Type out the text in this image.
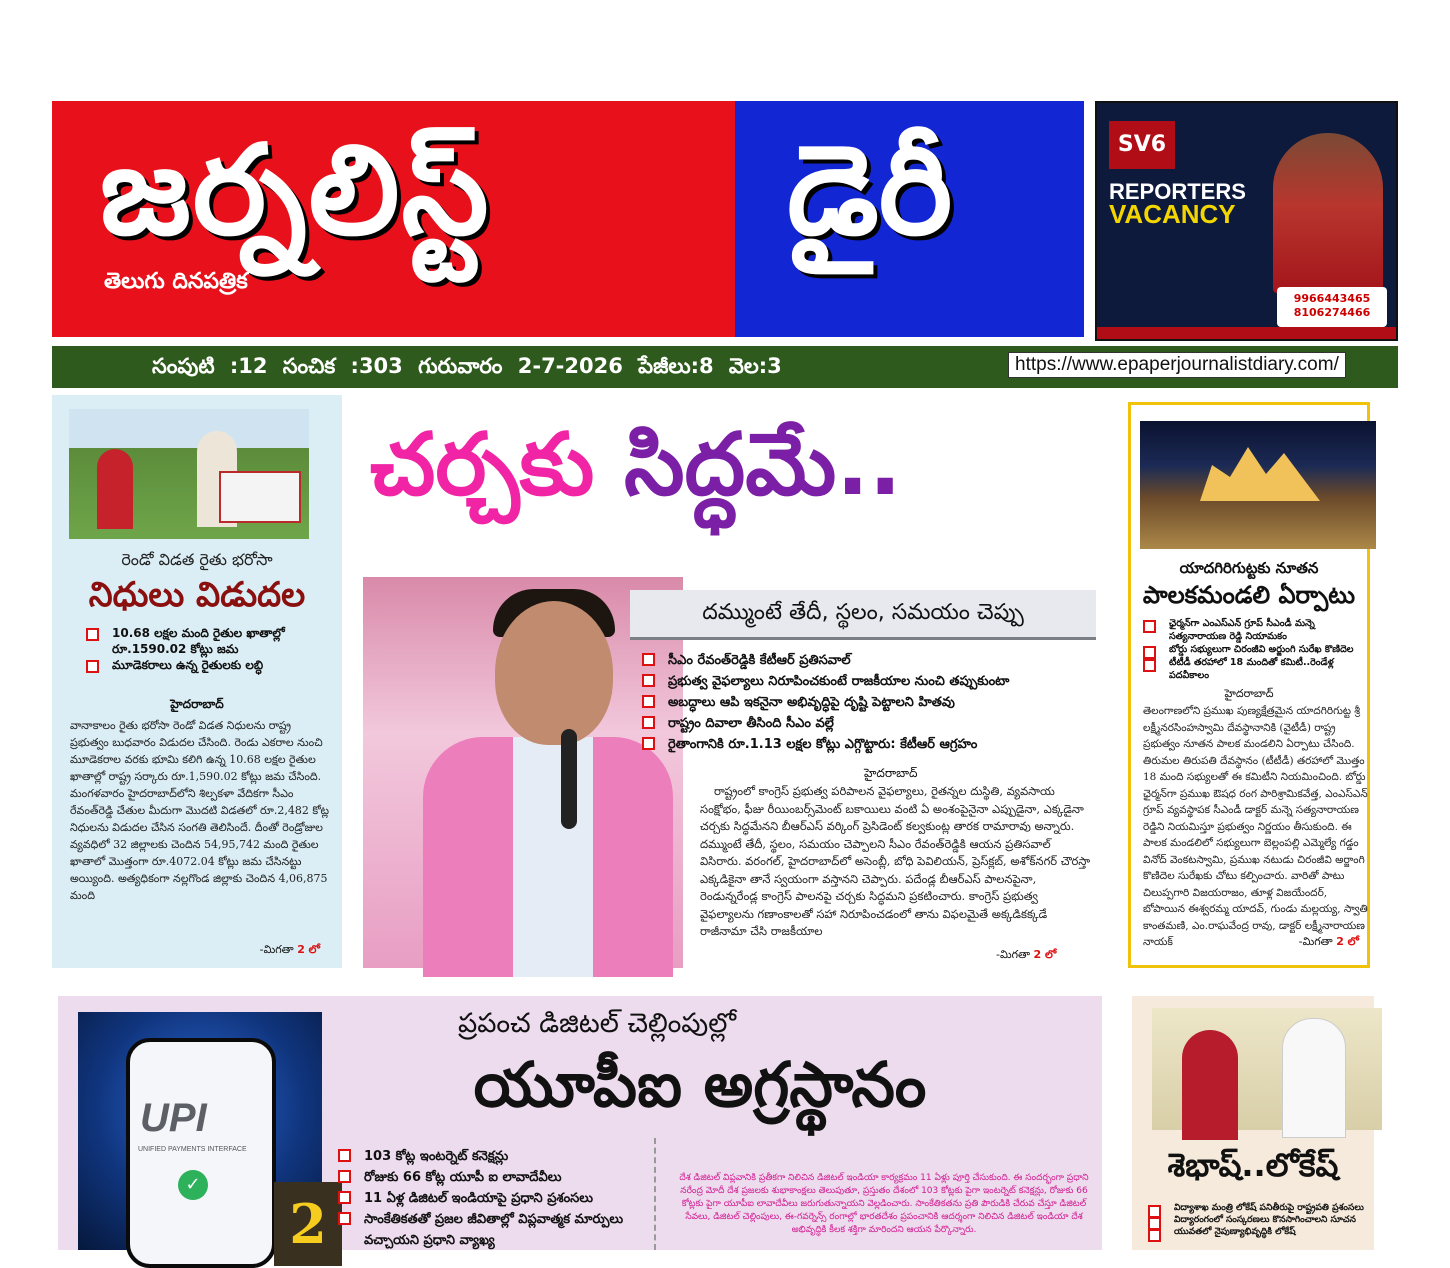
జర్నలిస్ట్ డైరీ
తెలుగు దినపత్రిక
SV6
REPORTERS
VACANCY
9966443465
8106274466
సంపుటి :12 సంచిక :303 గురువారం 2-7-2026 పేజీలు:8 వెల:3	https://www.epaperjournalistdiary.com/
రెండో విడత రైతు భరోసా
నిధులు విడుదల
10.68 లక్షల మంది రైతుల ఖాతాల్లో రూ.1590.02 కోట్లు జమ
మూడెకరాలు ఉన్న రైతులకు లబ్ధి
హైదరాబాద్
వానాకాలం రైతు భరోసా రెండో విడత నిధులను రాష్ట్ర ప్రభుత్వం బుధవారం విడుదల చేసింది. రెండు ఎకరాల నుంచి మూడెకరాల వరకు భూమి కలిగి ఉన్న 10.68 లక్షల రైతుల ఖాతాల్లో రాష్ట్ర సర్కారు రూ.1,590.02 కోట్లు జమ చేసింది. మంగళవారం హైదరాబాద్‌లోని శిల్పకళా వేదికగా సీఎం రేవంత్‌రెడ్డి చేతుల మీదుగా మొదటి విడతలో రూ.2,482 కోట్ల నిధులను విడుదల చేసిన సంగతి తెలిసిందే. దీంతో రెండ్రోజుల వ్యవధిలో 32 జిల్లాలకు చెందిన 54,95,742 మంది రైతుల ఖాతాలో మొత్తంగా రూ.4072.04 కోట్లు జమ చేసినట్టు అయ్యింది. అత్యధికంగా నల్లగొండ జిల్లాకు చెందిన 4,06,875 మంది
-మిగతా 2 లో
చర్చకు సిద్ధమే..
దమ్ముంటే తేదీ, స్థలం, సమయం చెప్పు
సీఎం రేవంత్‌రెడ్డికి కేటీఆర్ ప్రతిసవాల్
ప్రభుత్వ వైఫల్యాలు నిరూపించకుంటే రాజకీయాల నుంచి తప్పుకుంటా
అబద్ధాలు ఆపి ఇకనైనా అభివృద్ధిపై దృష్టి పెట్టాలని హితవు
రాష్ట్రం దివాలా తీసింది సీఎం వల్లే
రైతాంగానికి రూ.1.13 లక్షల కోట్లు ఎగ్గొట్టారు: కేటీఆర్ ఆగ్రహం
హైదరాబాద్
రాష్ట్రంలో కాంగ్రెస్ ప్రభుత్వ పరిపాలన వైఫల్యాలు, రైతన్నల దుస్థితి, వ్యవసాయ సంక్షోభం, ఫీజు రీయింబర్స్‌మెంట్ బకాయిలు వంటి ఏ అంశంపైనైనా ఎప్పుడైనా, ఎక్కడైనా చర్చకు సిద్ధమేనని బీఆర్‌ఎస్ వర్కింగ్ ప్రెసిడెంట్ కల్వకుంట్ల తారక రామారావు అన్నారు. దమ్ముంటే తేదీ, స్థలం, సమయం చెప్పాలని సీఎం రేవంత్‌రెడ్డికి ఆయన ప్రతిసవాల్ విసిరారు. వరంగల్, హైదరాబాద్‌లో అసెంబ్లీ, బోధి పెవిలియన్, ప్రెస్‌క్లబ్, అశోక్‌నగర్ చౌరస్తా ఎక్కడికైనా తానే స్వయంగా వస్తానని చెప్పారు. పదేండ్ల బీఆర్‌ఎస్ పాలనపైనా, రెండున్నరేండ్ల కాంగ్రెస్ పాలనపై చర్చకు సిద్ధమని ప్రకటించారు. కాంగ్రెస్ ప్రభుత్వ వైఫల్యాలను గణాంకాలతో సహా నిరూపించడంలో తాను విఫలమైతే అక్కడికక్కడే రాజీనామా చేసి రాజకీయాల
-మిగతా 2 లో
యాదగిరిగుట్టకు నూతన
పాలకమండలి ఏర్పాటు
ఛైర్మన్‌గా ఎంఎస్‌ఎన్ గ్రూప్ సీఎండీ మన్నె సత్యనారాయణ రెడ్డి నియామకం
బోర్డు సభ్యులుగా చిరంజీవి అర్జుంగి సురేఖ కొణిదెల
టీటీడీ తరహాలో 18 మందితో కమిటీ..రెండేళ్ల పదవీకాలం
హైదరాబాద్
తెలంగాణలోని ప్రముఖ పుణ్యక్షేత్రమైన యాదగిరిగుట్ట శ్రీ లక్ష్మీనరసింహస్వామి దేవస్థానానికి (వైటీడీ) రాష్ట్ర ప్రభుత్వం నూతన పాలక మండలిని ఏర్పాటు చేసింది. తిరుమల తిరుపతి దేవస్థానం (టీటీడీ) తరహాలో మొత్తం 18 మంది సభ్యులతో ఈ కమిటీని నియమించింది. బోర్డు ఛైర్మన్‌గా ప్రముఖ ఔషధ రంగ పారిశ్రామికవేత్త, ఎంఎస్‌ఎన్ గ్రూప్ వ్యవస్థాపక సీఎండీ డాక్టర్ మన్నె సత్యనారాయణ రెడ్డిని నియమిస్తూ ప్రభుత్వం నిర్ణయం తీసుకుంది. ఈ పాలక మండలిలో సభ్యులుగా బెల్లంపల్లి ఎమ్మెల్యే గడ్డం వినోద్ వెంకటస్వామి, ప్రముఖ నటుడు చిరంజీవి అర్జాంగి కొణిదెల సురేఖకు చోటు కల్పించారు. వారితో పాటు చిలుప్పగారి విజయరాజం, తూళ్ల విజయేందర్, బోపాయిన ఈశ్వరమ్మ యాదవ్, గుండు మల్లయ్య, స్వాతి కాంతమణి, ఎం.రాఘవేంద్ర రావు, డాక్టర్ లక్ష్మీనారాయణ నాయక్	-మిగతా 2 లో
UPI
UNIFIED PAYMENTS INTERFACE
✓
2
ప్రపంచ డిజిటల్ చెల్లింపుల్లో
యూపీఐ అగ్రస్థానం
103 కోట్ల ఇంటర్నెట్ కనెక్షన్లు
రోజుకు 66 కోట్ల యూపీ ఐ లావాదేవీలు
11 ఏళ్ల డిజిటల్ ఇండియాపై ప్రధాని ప్రశంసలు
సాంకేతికతతో ప్రజల జీవితాల్లో విప్లవాత్మక మార్పులు వచ్చాయని ప్రధాని వ్యాఖ్య
దేశ డిజిటల్ విప్లవానికి ప్రతీకగా నిలిచిన డిజిటల్ ఇండియా కార్యక్రమం 11 ఏళ్లు పూర్తి చేసుకుంది. ఈ సందర్భంగా ప్రధాని నరేంద్ర మోదీ దేశ ప్రజలకు శుభాకాంక్షలు తెలుపుతూ, ప్రస్తుతం దేశంలో 103 కోట్లకు పైగా ఇంటర్నెట్ కనెక్షన్లు, రోజుకు 66 కోట్లకు పైగా యూపీఐ లావాదేవీలు జరుగుతున్నాయని వెల్లడించారు. సాంకేతికతను ప్రతి పౌరుడికి చేరువ చేస్తూ డిజిటల్ సేవలు, డిజిటల్ చెల్లింపులు, ఈ-గవర్నెన్స్ రంగాల్లో భారతదేశం ప్రపంచానికి ఆదర్శంగా నిలిచిన డిజిటల్ ఇండియా దేశ అభివృద్ధికి కీలక శక్తిగా మారిందని ఆయన పేర్కొన్నారు.
శెభాష్..లోకేష్
విద్యాశాఖ మంత్రి లోకేష్ పనితీరుపై రాష్ట్రపతి ప్రశంసలు
విద్యారంగంలో సంస్కరణలు కొనసాగించాలని సూచన
యువతలో నైపుణ్యాభివృద్ధికి లోకేష్
